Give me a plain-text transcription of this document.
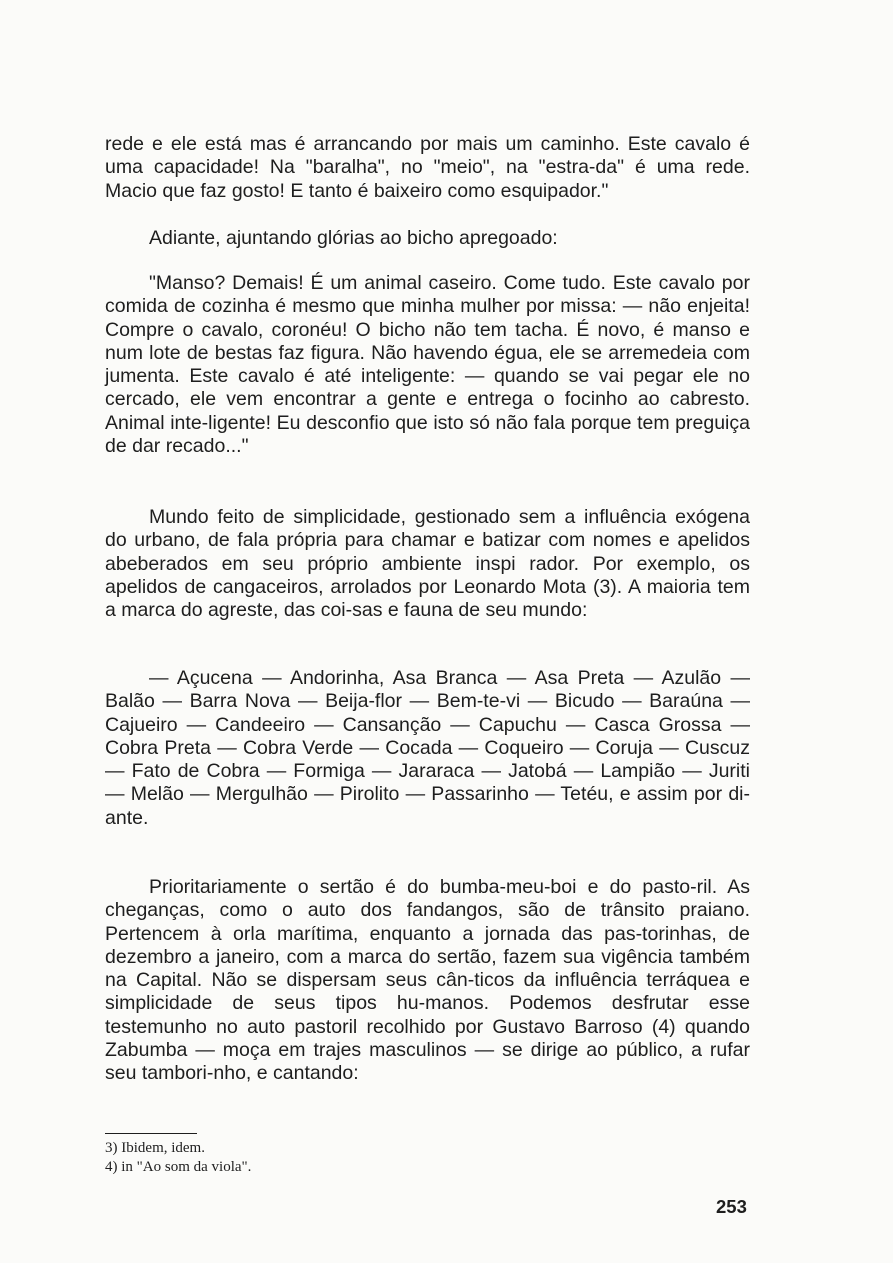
rede e ele está mas é arrancando por mais um caminho. Este cavalo é uma capacidade! Na "baralha", no "meio", na "estra-da" é uma rede. Macio que faz gosto! E tanto é baixeiro como esquipador."

Adiante, ajuntando glórias ao bicho apregoado:

"Manso? Demais! É um animal caseiro. Come tudo. Este cavalo por comida de cozinha é mesmo que minha mulher por missa: — não enjeita! Compre o cavalo, coronéu! O bicho não tem tacha. É novo, é manso e num lote de bestas faz figura. Não havendo égua, ele se arremedeia com jumenta. Este cavalo é até inteligente: — quando se vai pegar ele no cercado, ele vem encontrar a gente e entrega o focinho ao cabresto. Animal inte-ligente! Eu desconfio que isto só não fala porque tem preguiça de dar recado..."

Mundo feito de simplicidade, gestionado sem a influência exógena do urbano, de fala própria para chamar e batizar com nomes e apelidos abeberados em seu próprio ambiente inspi rador. Por exemplo, os apelidos de cangaceiros, arrolados por Leonardo Mota (3). A maioria tem a marca do agreste, das coi-sas e fauna de seu mundo:

— Açucena — Andorinha, Asa Branca — Asa Preta — Azulão — Balão — Barra Nova — Beija-flor — Bem-te-vi — Bicudo — Baraúna — Cajueiro — Candeeiro — Cansanção — Capuchu — Casca Grossa — Cobra Preta — Cobra Verde — Cocada — Coqueiro — Coruja — Cuscuz — Fato de Cobra — Formiga — Jararaca — Jatobá — Lampião — Juriti — Melão — Mergulhão — Pirolito — Passarinho — Tetéu, e assim por di-ante.

Prioritariamente o sertão é do bumba-meu-boi e do pasto-ril. As cheganças, como o auto dos fandangos, são de trânsito praiano. Pertencem à orla marítima, enquanto a jornada das pas-torinhas, de dezembro a janeiro, com a marca do sertão, fazem sua vigência também na Capital. Não se dispersam seus cân-ticos da influência terráquea e simplicidade de seus tipos hu-manos. Podemos desfrutar esse testemunho no auto pastoril recolhido por Gustavo Barroso (4) quando Zabumba — moça em trajes masculinos — se dirige ao público, a rufar seu tambori-nho, e cantando:

3) Ibidem, idem.

4) in "Ao som da viola".

253
